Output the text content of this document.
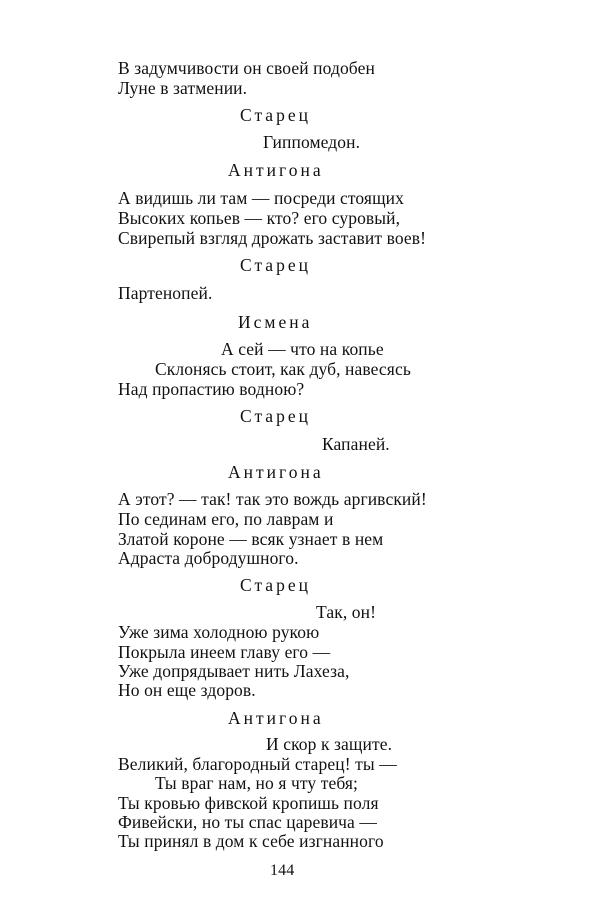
В задумчивости он своей подобен
Луне в затмении.
Старец
Гиппомедон.
Антигона
А видишь ли там — посреди стоящих
Высоких копьев — кто? его суровый,
Свирепый взгляд дрожать заставит воев!
Старец
Партенопей.
Исмена
А сей — что на копье
Склонясь стоит, как дуб, навесясь
Над пропастию водною?
Старец
Капаней.
Антигона
А этот? — так! так это вождь аргивский!
По сединам его, по лаврам и
Златой короне — всяк узнает в нем
Адраста добродушного.
Старец
Так, он!
Уже зима холодною рукою
Покрыла инеем главу его —
Уже допрядывает нить Лахеза,
Но он еще здоров.
Антигона
И скор к защите.
Великий, благородный старец! ты —
Ты враг нам, но я чту тебя;
Ты кровью фивской кропишь поля
Фивейски, но ты спас царевича —
Ты принял в дом к себе изгнанного
144
